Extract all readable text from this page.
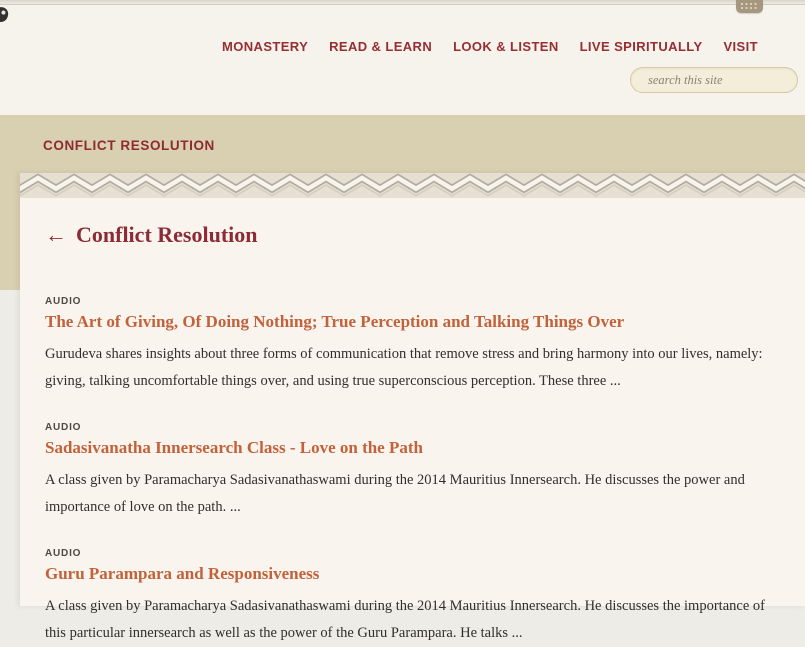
MONASTERY READ & LEARN LOOK & LISTEN LIVE SPIRITUALLY VISIT
search this site
CONFLICT RESOLUTION
← Conflict Resolution
AUDIO
The Art of Giving, Of Doing Nothing; True Perception and Talking Things Over
Gurudeva shares insights about three forms of communication that remove stress and bring harmony into our lives, namely: giving, talking uncomfortable things over, and using true superconscious perception. These three ...
AUDIO
Sadasivanatha Innersearch Class - Love on the Path
A class given by Paramacharya Sadasivanathaswami during the 2014 Mauritius Innersearch. He discusses the power and importance of love on the path. ...
AUDIO
Guru Parampara and Responsiveness
A class given by Paramacharya Sadasivanathaswami during the 2014 Mauritius Innersearch. He discusses the importance of this particular innersearch as well as the power of the Guru Parampara. He talks ...
